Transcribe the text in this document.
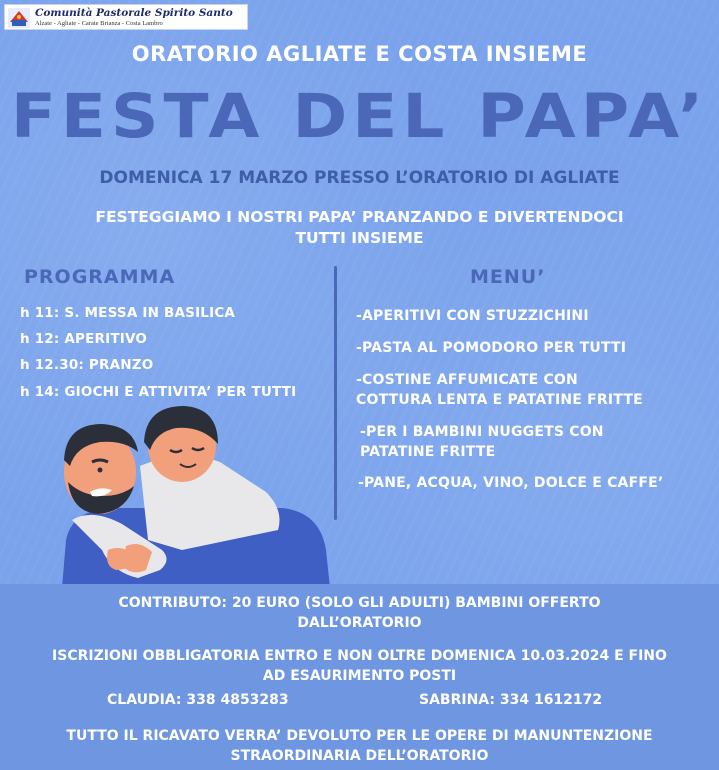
Comunità Pastorale Spirito Santo
Alzate - Agliate - Carate Brianza - Costa Lambro
ORATORIO AGLIATE E COSTA INSIEME
FESTA DEL PAPA’
DOMENICA 17 MARZO PRESSO L’ORATORIO DI AGLIATE
FESTEGGIAMO I NOSTRI PAPA’ PRANZANDO E DIVERTENDOCI
TUTTI INSIEME
PROGRAMMA	MENU’
h 11: S. MESSA IN BASILICA
h 12: APERITIVO
h 12.30: PRANZO
h 14: GIOCHI E ATTIVITA’ PER TUTTI
-APERITIVI CON STUZZICHINI
-PASTA AL POMODORO PER TUTTI
-COSTINE AFFUMICATE CON
COTTURA LENTA E PATATINE FRITTE
-PER I BAMBINI NUGGETS CON
PATATINE FRITTE
-PANE, ACQUA, VINO, DOLCE E CAFFE’
CONTRIBUTO: 20 EURO (SOLO GLI ADULTI) BAMBINI OFFERTO
DALL’ORATORIO
ISCRIZIONI OBBLIGATORIA ENTRO E NON OLTRE DOMENICA 10.03.2024 E FINO
AD ESAURIMENTO POSTI
CLAUDIA: 338 4853283	SABRINA: 334 1612172
TUTTO IL RICAVATO VERRA’ DEVOLUTO PER LE OPERE DI MANUNTENZIONE
STRAORDINARIA DELL’ORATORIO
